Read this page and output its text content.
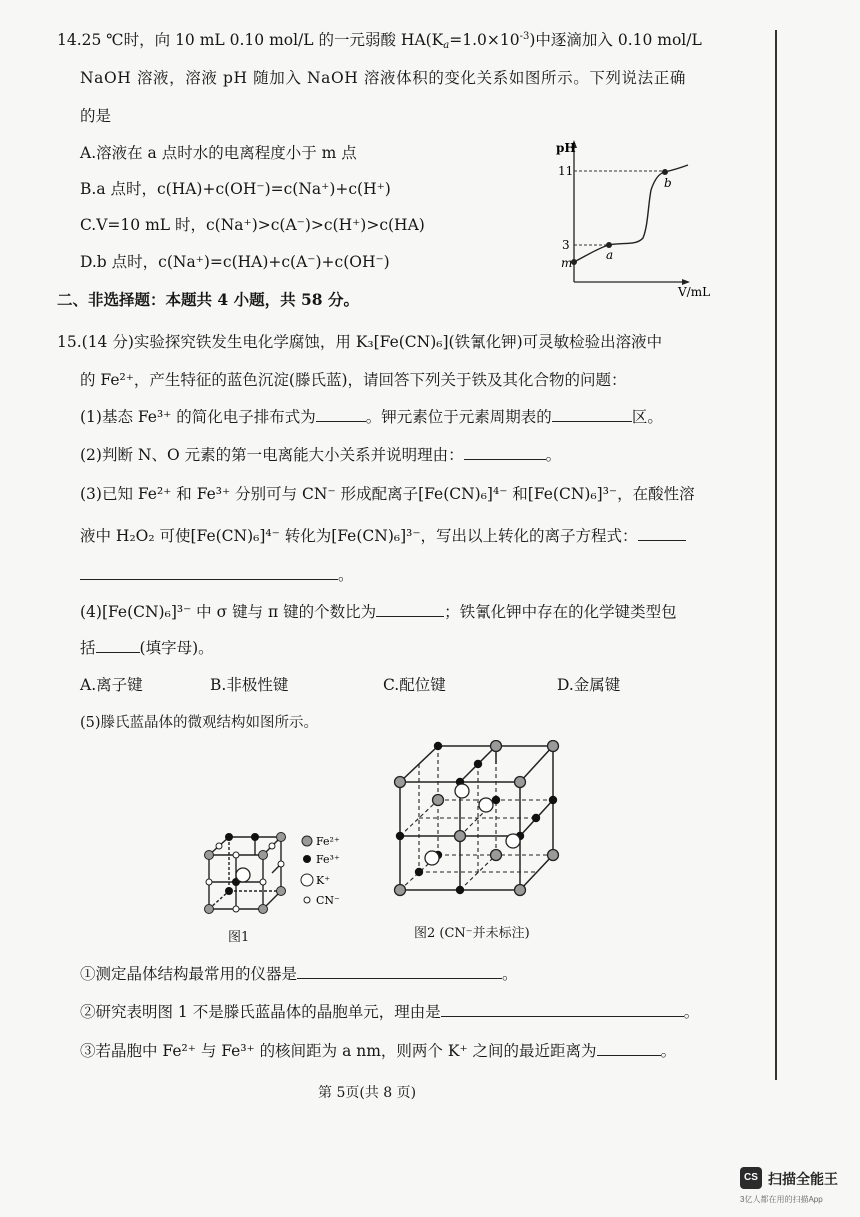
14.25 ℃时，向 10 mL 0.10 mol/L 的一元弱酸 $HA(K_a=1.0\times 10^{-3})$中逐滴加入 0.10 mol/L
NaOH 溶液，溶液 pH 随加入 NaOH 溶液体积的变化关系如图所示。下列说法正确
的是
A.溶液在 a 点时水的电离程度小于 m 点
B.a 点时，c(HA)+c(OH⁻)=c(Na⁺)+c(H⁺)
C.V=10 mL 时，c(Na⁺)>c(A⁻)>c(H⁺)>c(HA)
D.b 点时，c(Na⁺)=c(HA)+c(A⁻)+c(OH⁻)
pH
V/mL
11
3
m
a
b
二、非选择题：本题共 4 小题，共 58 分。
15.(14 分)实验探究铁发生电化学腐蚀，用 K₃[Fe(CN)₆](铁氰化钾)可灵敏检验出溶液中
的 Fe²⁺，产生特征的蓝色沉淀(滕氏蓝)，请回答下列关于铁及其化合物的问题：
(1)基态 Fe³⁺ 的简化电子排布式为	。钾元素位于元素周期表的	区。
(2)判断 N、O 元素的第一电离能大小关系并说明理由：	。
(3)已知 Fe²⁺ 和 Fe³⁺ 分别可与 CN⁻ 形成配离子[Fe(CN)₆]⁴⁻ 和[Fe(CN)₆]³⁻，在酸性溶
液中 H₂O₂ 可使[Fe(CN)₆]⁴⁻ 转化为[Fe(CN)₆]³⁻，写出以上转化的离子方程式：
。
(4)[Fe(CN)₆]³⁻ 中 σ 键与 π 键的个数比为	；铁氰化钾中存在的化学键类型包
括	(填字母)。
A.离子键	B.非极性键	C.配位键	D.金属键
(5)滕氏蓝晶体的微观结构如图所示。
Fe²⁺
Fe³⁺
K⁺
CN⁻
图1	图2 (CN⁻并未标注)
①测定晶体结构最常用的仪器是	。
②研究表明图 1 不是滕氏蓝晶体的晶胞单元，理由是	。
③若晶胞中 Fe²⁺ 与 Fe³⁺ 的核间距为 a nm，则两个 K⁺ 之间的最近距离为	。
第 5页(共 8 页)
CS 扫描全能王
3亿人都在用的扫描App
